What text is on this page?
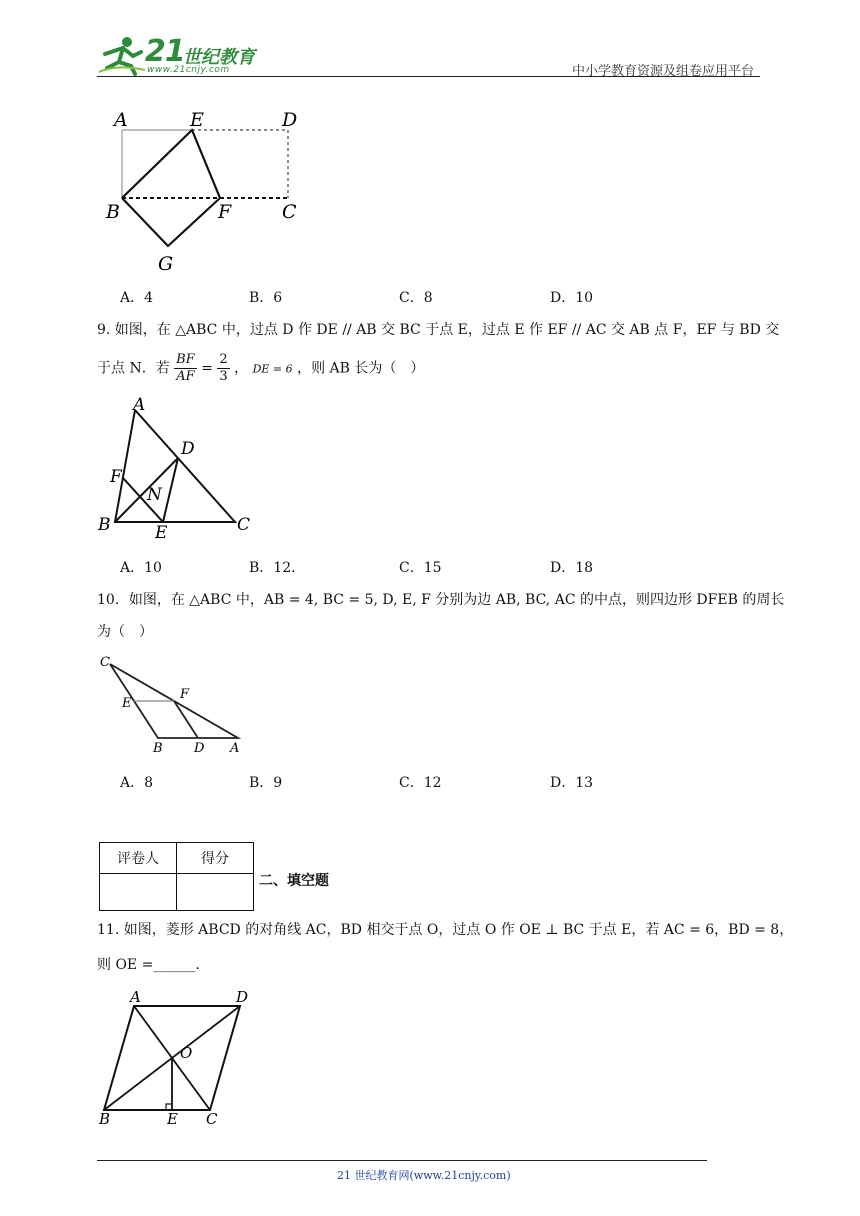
21
世纪教育
www.21cnjy.com	中小学教育资源及组卷应用平台
A	E	D
B	F	C
G
A．4	B．6	C．8	D．10
9. 如图，在 △ABC 中，过点 D 作 DE // AB 交 BC 于点 E，过点 E 作 EF // AC 交 AB 点 F，EF 与 BD 交
于点 N．若 $\frac{BF}{AF} = \frac{2}{3}$ ， DE = 6 ，则 AB 长为（　）
A
D
F
N
B	E	C
A．10	B．12．	C．15	D．18
10．如图，在 △ABC 中，AB = 4, BC = 5, D, E, F 分别为边 AB, BC, AC 的中点，则四边形 DFEB 的周长
为（　）
C
E
F
B D A
A．8	B．9	C．12	D．13
评卷人	得分

二、填空题
11. 如图，菱形 ABCD 的对角线 AC，BD 相交于点 O，过点 O 作 OE ⊥ BC 于点 E，若 AC = 6，BD = 8，
则 OE =______.
A	D
O
B	E C
21 世纪教育网(www.21cnjy.com)
